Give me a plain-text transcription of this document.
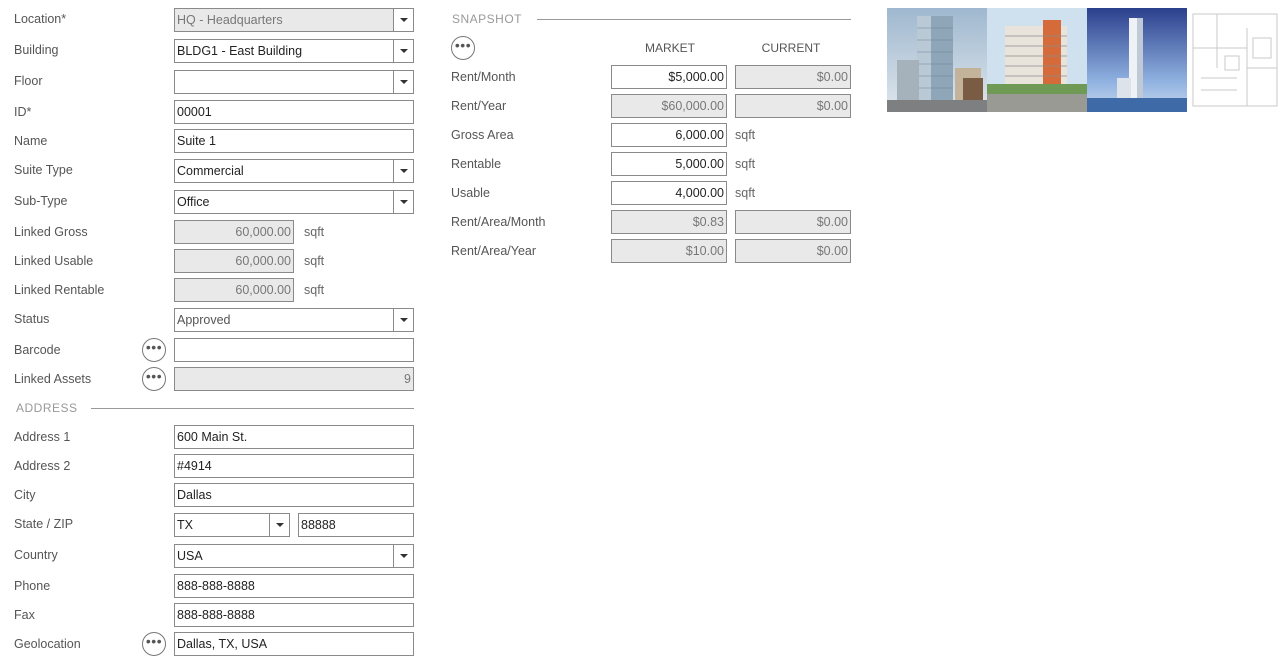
Location*	HQ - Headquarters
Building	BLDG1 - East Building
Floor
ID*	00001
Name	Suite 1
Suite Type	Commercial
Sub-Type	Office
Linked Gross	60,000.00 sqft
Linked Usable	60,000.00 sqft
Linked Rentable	60,000.00 sqft
Status	Approved
Barcode	•••
Linked Assets	•••	9
ADDRESS
Address 1	600 Main St.
Address 2	#4914
City	Dallas
State / ZIP	TX	88888
Country	USA
Phone	888-888-8888
Fax	888-888-8888
Geolocation	•••	Dallas, TX, USA
SNAPSHOT
•••	MARKET	CURRENT
Rent/Month	$5,000.00	$0.00
Rent/Year	$60,000.00	$0.00
Gross Area	6,000.00 sqft
Rentable	5,000.00 sqft
Usable	4,000.00 sqft
Rent/Area/Month	$0.83	$0.00
Rent/Area/Year	$10.00	$0.00
